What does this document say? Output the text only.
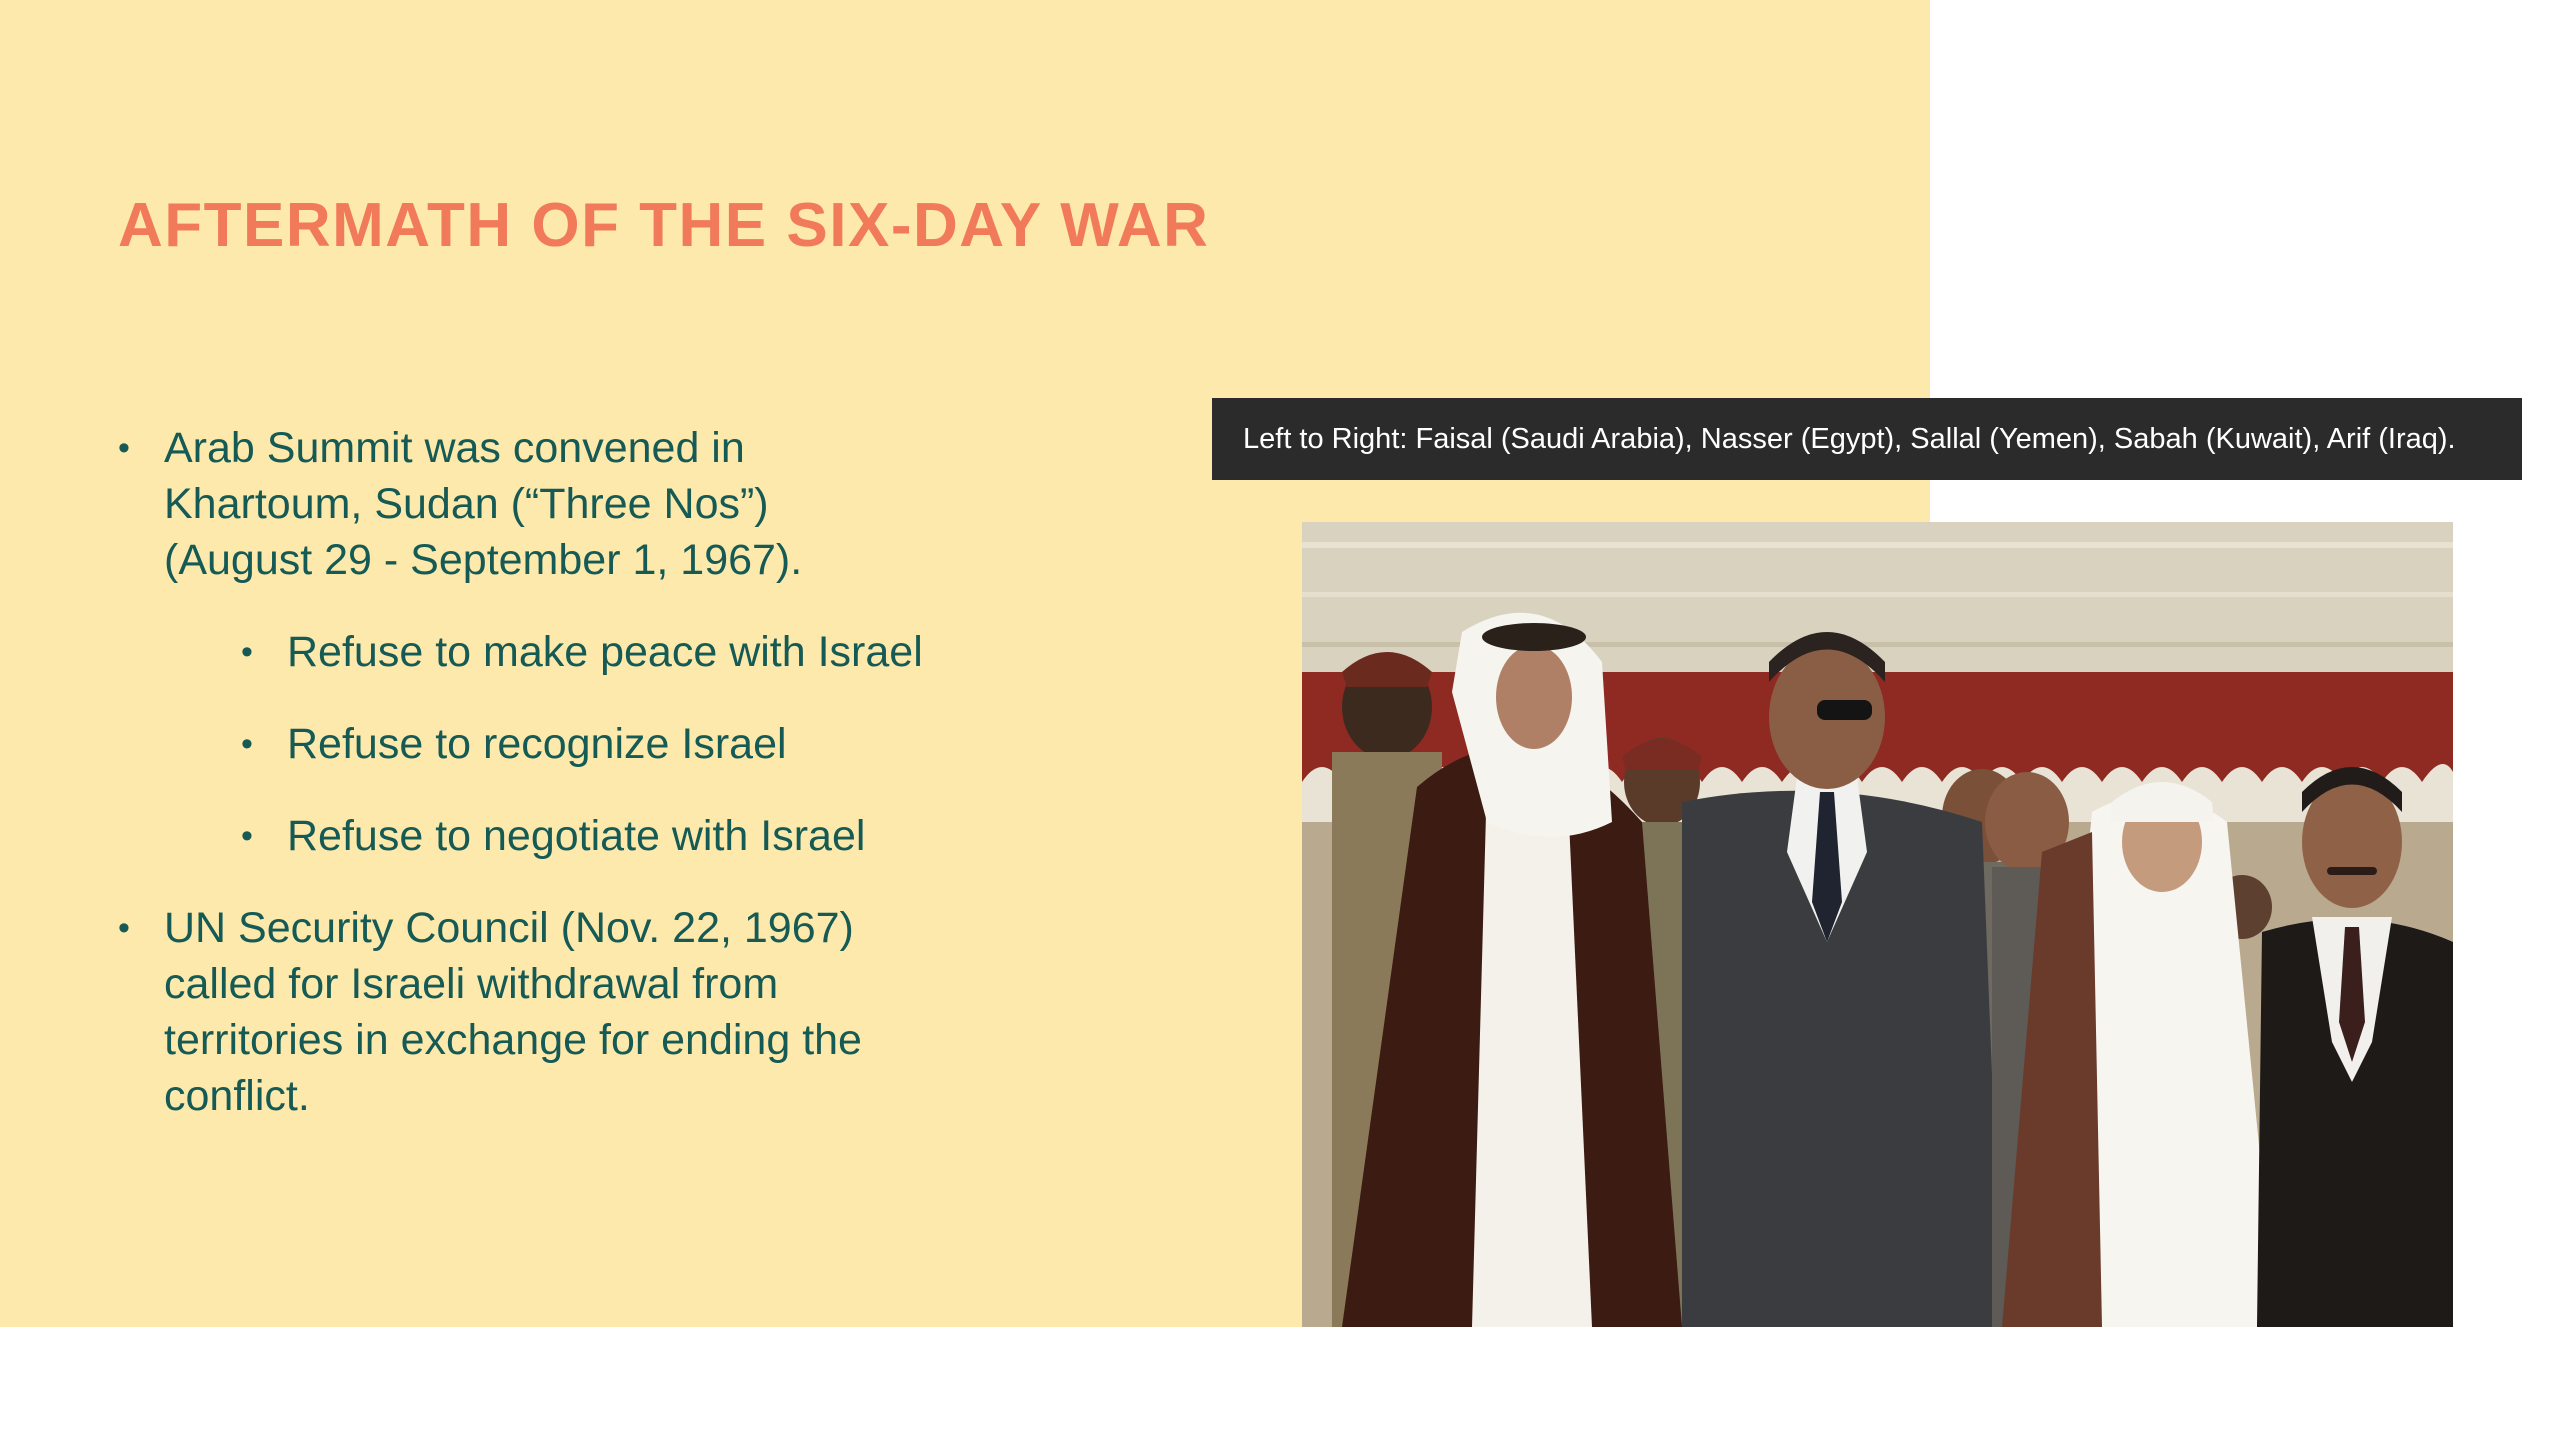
AFTERMATH OF THE SIX-DAY WAR
• Arab Summit was convened in Khartoum, Sudan (“Three Nos”) (August 29 - September 1, 1967).
• Refuse to make peace with Israel
• Refuse to recognize Israel
• Refuse to negotiate with Israel
• UN Security Council (Nov. 22, 1967) called for Israeli withdrawal from territories in exchange for ending the conflict.
Left to Right: Faisal (Saudi Arabia), Nasser (Egypt), Sallal (Yemen), Sabah (Kuwait), Arif (Iraq).
